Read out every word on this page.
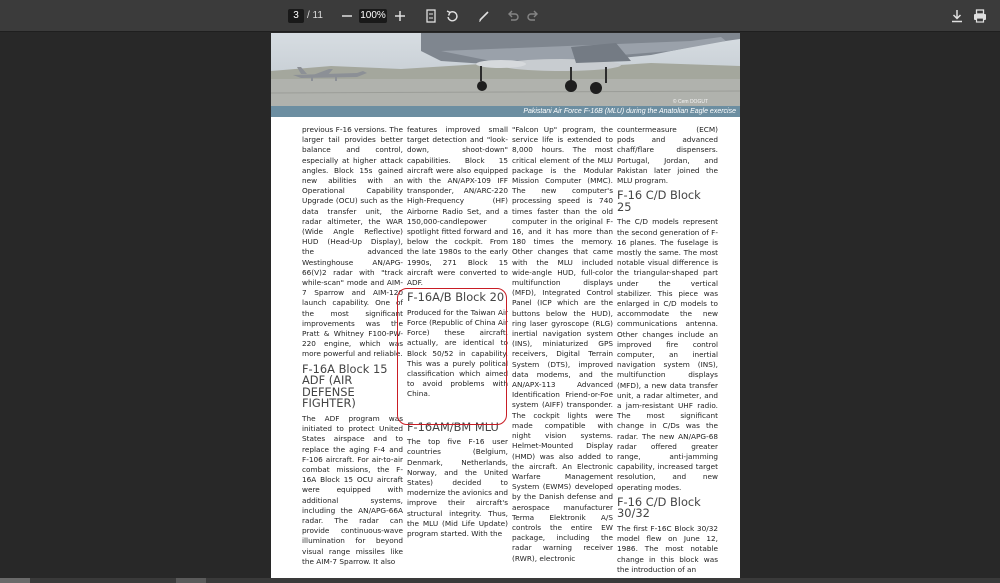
3 / 11	100%
© Cem DOGUT
Pakistani Air Force F-16B (MLU) during the Anatolian Eagle exercise

previous F-16 versions. The larger tail provides better balance and control, especially at higher attack angles. Block 15s gained new abilities with an Operational Capability Upgrade (OCU) such as the data transfer unit, the radar altimeter, the WAR (Wide Angle Reflective) HUD (Head-Up Display), the advanced Westinghouse AN/APG-66(V)2 radar with "track while-scan" mode and AIM-7 Sparrow and AIM-120 launch capability. One of the most significant improvements was the Pratt & Whitney F100-PW-220 engine, which was more powerful and reliable.

F-16A Block 15 ADF (AIR DEFENSE FIGHTER)

The ADF program was initiated to protect United States airspace and to replace the aging F-4 and F-106 aircraft. For air-to-air combat missions, the F-16A Block 15 OCU aircraft were equipped with additional systems, including the AN/APG-66A radar. The radar can provide continuous-wave illumination for beyond visual range missiles like the AIM-7 Sparrow. It also

features improved small target detection and "look-down, shoot-down" capabilities. Block 15 aircraft were also equipped with the AN/APX-109 IFF transponder, AN/ARC-220 High-Frequency (HF) Airborne Radio Set, and a 150,000-candlepower spotlight fitted forward and below the cockpit. From the late 1980s to the early 1990s, 271 Block 15 aircraft were converted to ADF.

F-16A/B Block 20

Produced for the Taiwan Air Force (Republic of China Air Force) these aircraft, actually, are identical to Block 50/52 in capability. This was a purely political classification which aimed to avoid problems with China.

F-16AM/BM MLU

The top five F-16 user countries (Belgium, Denmark, Netherlands, Norway, and the United States) decided to modernize the avionics and improve their aircraft's structural integrity. Thus, the MLU (Mid Life Update) program started. With the

"Falcon Up" program, the service life is extended to 8,000 hours. The most critical element of the MLU package is the Modular Mission Computer (MMC). The new computer's processing speed is 740 times faster than the old computer in the original F-16, and it has more than 180 times the memory. Other changes that came with the MLU included wide-angle HUD, full-color multifunction displays (MFD), Integrated Control Panel (ICP which are the buttons below the HUD), ring laser gyroscope (RLG) inertial navigation system (INS), miniaturized GPS receivers, Digital Terrain System (DTS), improved data modems, and the AN/APX-113 Advanced Identification Friend-or-Foe system (AIFF) transponder. The cockpit lights were made compatible with night vision systems. Helmet-Mounted Display (HMD) was also added to the aircraft. An Electronic Warfare Management System (EWMS) developed by the Danish defense and aerospace manufacturer Terma Elektronik A/S controls the entire EW package, including the radar warning receiver (RWR), electronic

countermeasure (ECM) pods and advanced chaff/flare dispensers. Portugal, Jordan, and Pakistan later joined the MLU program.

F-16 C/D Block 25

The C/D models represent the second generation of F-16 planes. The fuselage is mostly the same. The most notable visual difference is the triangular-shaped part under the vertical stabilizer. This piece was enlarged in C/D models to accommodate the new communications antenna. Other changes include an improved fire control computer, an inertial navigation system (INS), multifunction displays (MFD), a new data transfer unit, a radar altimeter, and a jam-resistant UHF radio. The most significant change in C/Ds was the radar. The new AN/APG-68 radar offered greater range, anti-jamming capability, increased target resolution, and new operating modes.

F-16 C/D Block 30/32

The first F-16C Block 30/32 model flew on June 12, 1986. The most notable change in this block was the introduction of an
